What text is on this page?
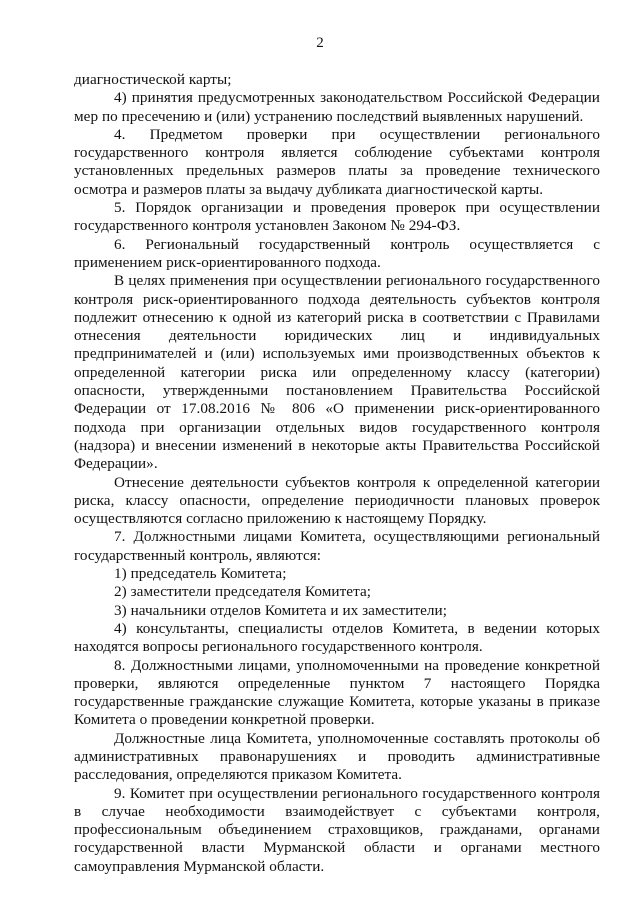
2

диагностической карты;

4) принятия предусмотренных законодательством Российской Федерации мер по пресечению и (или) устранению последствий выявленных нарушений.

4. Предметом проверки при осуществлении регионального государственного контроля является соблюдение субъектами контроля установленных предельных размеров платы за проведение технического осмотра и размеров платы за выдачу дубликата диагностической карты.

5. Порядок организации и проведения проверок при осуществлении государственного контроля установлен Законом № 294-ФЗ.

6. Региональный государственный контроль осуществляется с применением риск-ориентированного подхода.

В целях применения при осуществлении регионального государственного контроля риск-ориентированного подхода деятельность субъектов контроля подлежит отнесению к одной из категорий риска в соответствии с Правилами отнесения деятельности юридических лиц и индивидуальных предпринимателей и (или) используемых ими производственных объектов к определенной категории риска или определенному классу (категории) опасности, утвержденными постановлением Правительства Российской Федерации от 17.08.2016 № 806 «О применении риск-ориентированного подхода при организации отдельных видов государственного контроля (надзора) и внесении изменений в некоторые акты Правительства Российской Федерации».

Отнесение деятельности субъектов контроля к определенной категории риска, классу опасности, определение периодичности плановых проверок осуществляются согласно приложению к настоящему Порядку.

7. Должностными лицами Комитета, осуществляющими региональный государственный контроль, являются:

1) председатель Комитета;

2) заместители председателя Комитета;

3) начальники отделов Комитета и их заместители;

4) консультанты, специалисты отделов Комитета, в ведении которых находятся вопросы регионального государственного контроля.

8. Должностными лицами, уполномоченными на проведение конкретной проверки, являются определенные пунктом 7 настоящего Порядка государственные гражданские служащие Комитета, которые указаны в приказе Комитета о проведении конкретной проверки.

Должностные лица Комитета, уполномоченные составлять протоколы об административных правонарушениях и проводить административные расследования, определяются приказом Комитета.

9. Комитет при осуществлении регионального государственного контроля в случае необходимости взаимодействует с субъектами контроля, профессиональным объединением страховщиков, гражданами, органами государственной власти Мурманской области и органами местного самоуправления Мурманской области.
